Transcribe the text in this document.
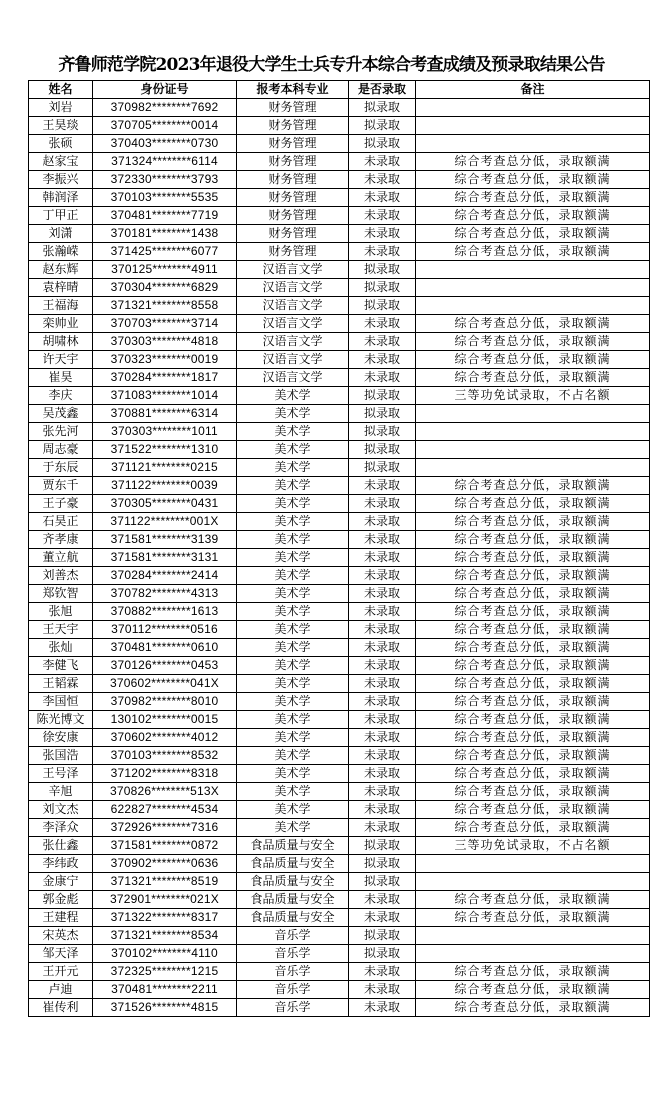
齐鲁师范学院2023年退役大学生士兵专升本综合考查成绩及预录取结果公告
姓名	身份证号	报考本科专业	是否录取	备注
刘岩	370982********7692	财务管理	拟录取	
王昊琰	370705********0014	财务管理	拟录取	
张硕	370403********0730	财务管理	拟录取	
赵家宝	371324********6114	财务管理	未录取	综合考查总分低，录取额满
李振兴	372330********3793	财务管理	未录取	综合考查总分低，录取额满
韩润泽	370103********5535	财务管理	未录取	综合考查总分低，录取额满
丁甲正	370481********7719	财务管理	未录取	综合考查总分低，录取额满
刘潇	370181********1438	财务管理	未录取	综合考查总分低，录取额满
张瀚嵘	371425********6077	财务管理	未录取	综合考查总分低，录取额满
赵东辉	370125********4911	汉语言文学	拟录取	
袁梓晴	370304********6829	汉语言文学	拟录取	
王福海	371321********8558	汉语言文学	拟录取	
栾帅业	370703********3714	汉语言文学	未录取	综合考查总分低，录取额满
胡啸林	370303********4818	汉语言文学	未录取	综合考查总分低，录取额满
许天宇	370323********0019	汉语言文学	未录取	综合考查总分低，录取额满
崔昊	370284********1817	汉语言文学	未录取	综合考查总分低，录取额满
李庆	371083********1014	美术学	拟录取	三等功免试录取，不占名额
吴茂鑫	370881********6314	美术学	拟录取	
张先河	370303********1011	美术学	拟录取	
周志豪	371522********1310	美术学	拟录取	
于东辰	371121********0215	美术学	拟录取	
贾东千	371122********0039	美术学	未录取	综合考查总分低，录取额满
王子豪	370305********0431	美术学	未录取	综合考查总分低，录取额满
石昊正	371122********001X	美术学	未录取	综合考查总分低，录取额满
齐孝康	371581********3139	美术学	未录取	综合考查总分低，录取额满
董立航	371581********3131	美术学	未录取	综合考查总分低，录取额满
刘善杰	370284********2414	美术学	未录取	综合考查总分低，录取额满
郑钦智	370782********4313	美术学	未录取	综合考查总分低，录取额满
张旭	370882********1613	美术学	未录取	综合考查总分低，录取额满
王天宇	370112********0516	美术学	未录取	综合考查总分低，录取额满
张灿	370481********0610	美术学	未录取	综合考查总分低，录取额满
李健飞	370126********0453	美术学	未录取	综合考查总分低，录取额满
王韬霖	370602********041X	美术学	未录取	综合考查总分低，录取额满
李国恒	370982********8010	美术学	未录取	综合考查总分低，录取额满
陈光博文	130102********0015	美术学	未录取	综合考查总分低，录取额满
徐安康	370602********4012	美术学	未录取	综合考查总分低，录取额满
张国浩	370103********8532	美术学	未录取	综合考查总分低，录取额满
王号泽	371202********8318	美术学	未录取	综合考查总分低，录取额满
辛旭	370826********513X	美术学	未录取	综合考查总分低，录取额满
刘文杰	622827********4534	美术学	未录取	综合考查总分低，录取额满
李泽众	372926********7316	美术学	未录取	综合考查总分低，录取额满
张仕鑫	371581********0872	食品质量与安全	拟录取	三等功免试录取，不占名额
李纬政	370902********0636	食品质量与安全	拟录取	
金康宁	371321********8519	食品质量与安全	拟录取	
郭金彪	372901********021X	食品质量与安全	未录取	综合考查总分低，录取额满
王建程	371322********8317	食品质量与安全	未录取	综合考查总分低，录取额满
宋英杰	371321********8534	音乐学	拟录取	
邹天泽	370102********4110	音乐学	拟录取	
王开元	372325********1215	音乐学	未录取	综合考查总分低，录取额满
卢迪	370481********2211	音乐学	未录取	综合考查总分低，录取额满
崔传利	371526********4815	音乐学	未录取	综合考查总分低，录取额满
